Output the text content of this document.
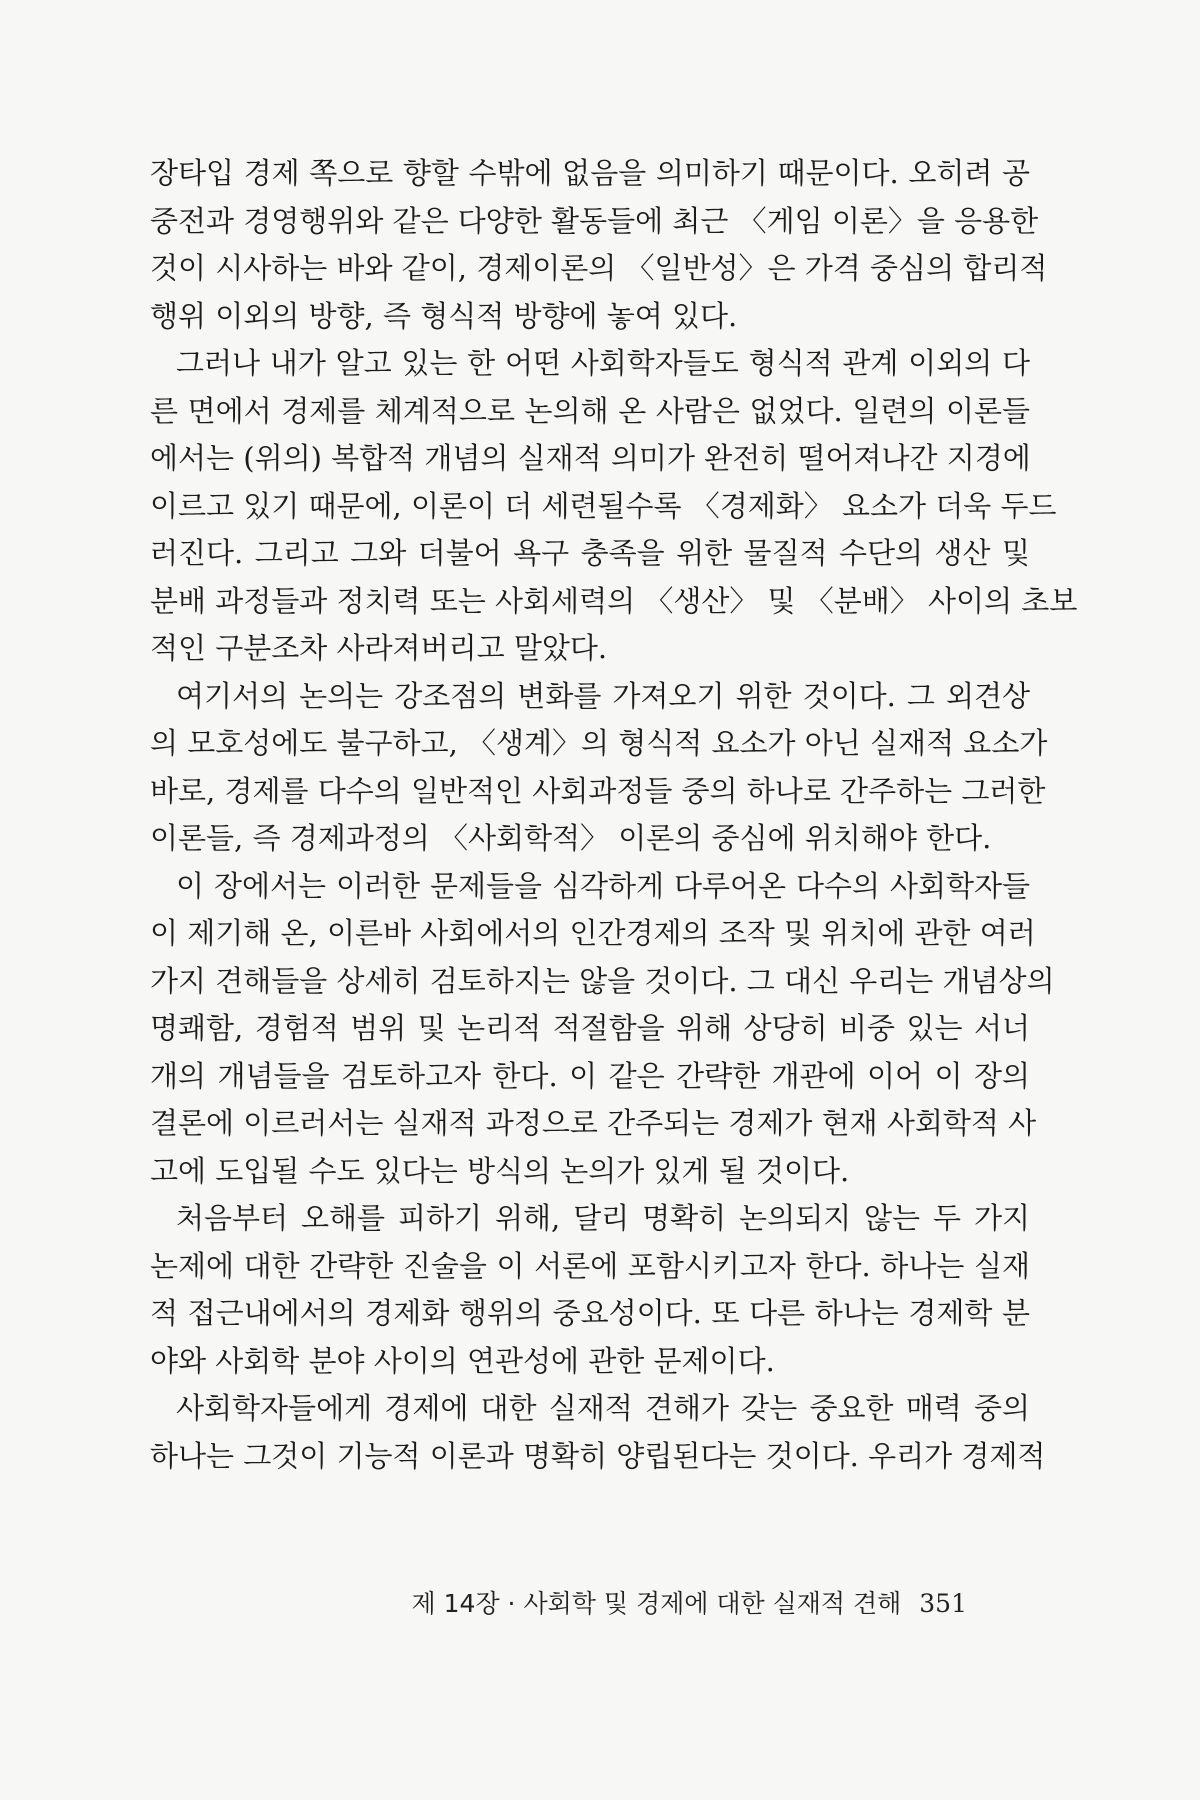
장타입 경제 쪽으로 향할 수밖에 없음을 의미하기 때문이다. 오히려 공
중전과 경영행위와 같은 다양한 활동들에 최근 〈게임 이론〉을 응용한
것이 시사하는 바와 같이, 경제이론의 〈일반성〉은 가격 중심의 합리적
행위 이외의 방향, 즉 형식적 방향에 놓여 있다.
그러나 내가 알고 있는 한 어떤 사회학자들도 형식적 관계 이외의 다
른 면에서 경제를 체계적으로 논의해 온 사람은 없었다. 일련의 이론들
에서는 (위의) 복합적 개념의 실재적 의미가 완전히 떨어져나간 지경에
이르고 있기 때문에, 이론이 더 세련될수록 〈경제화〉 요소가 더욱 두드
러진다. 그리고 그와 더불어 욕구 충족을 위한 물질적 수단의 생산 및
분배 과정들과 정치력 또는 사회세력의 〈생산〉 및 〈분배〉 사이의 초보
적인 구분조차 사라져버리고 말았다.
여기서의 논의는 강조점의 변화를 가져오기 위한 것이다. 그 외견상
의 모호성에도 불구하고, 〈생계〉의 형식적 요소가 아닌 실재적 요소가
바로, 경제를 다수의 일반적인 사회과정들 중의 하나로 간주하는 그러한
이론들, 즉 경제과정의 〈사회학적〉 이론의 중심에 위치해야 한다.
이 장에서는 이러한 문제들을 심각하게 다루어온 다수의 사회학자들
이 제기해 온, 이른바 사회에서의 인간경제의 조작 및 위치에 관한 여러
가지 견해들을 상세히 검토하지는 않을 것이다. 그 대신 우리는 개념상의
명쾌함, 경험적 범위 및 논리적 적절함을 위해 상당히 비중 있는 서너
개의 개념들을 검토하고자 한다. 이 같은 간략한 개관에 이어 이 장의
결론에 이르러서는 실재적 과정으로 간주되는 경제가 현재 사회학적 사
고에 도입될 수도 있다는 방식의 논의가 있게 될 것이다.
처음부터 오해를 피하기 위해, 달리 명확히 논의되지 않는 두 가지
논제에 대한 간략한 진술을 이 서론에 포함시키고자 한다. 하나는 실재
적 접근내에서의 경제화 행위의 중요성이다. 또 다른 하나는 경제학 분
야와 사회학 분야 사이의 연관성에 관한 문제이다.
사회학자들에게 경제에 대한 실재적 견해가 갖는 중요한 매력 중의
하나는 그것이 기능적 이론과 명확히 양립된다는 것이다. 우리가 경제적
제 14장 · 사회학 및 경제에 대한 실재적 견해 351
